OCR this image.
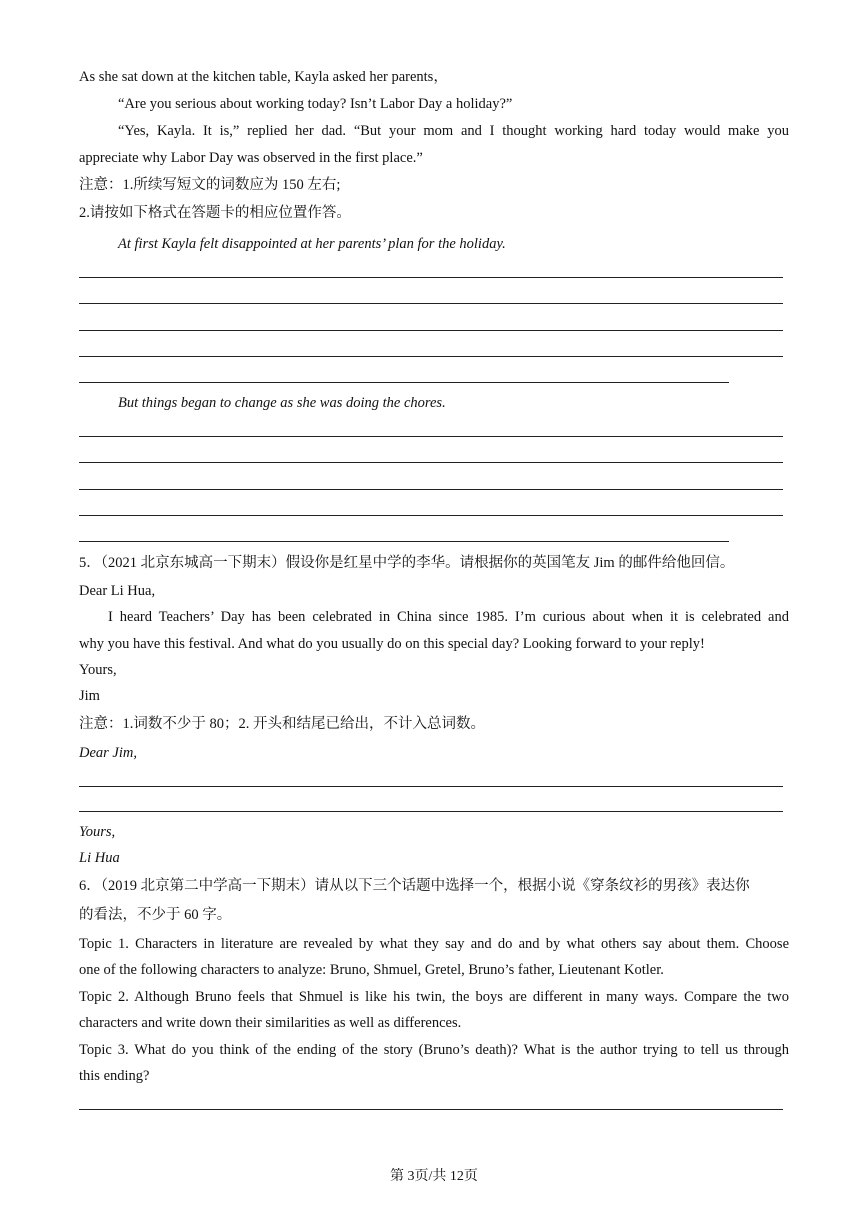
As she sat down at the kitchen table, Kayla asked her parents，
“Are you serious about working today? Isn’t Labor Day a holiday?”
“Yes, Kayla. It is,” replied her dad. “But your mom and I thought working hard today would make you
appreciate why Labor Day was observed in the first place.”
注意：1.所续写短文的词数应为 150 左右;
2.请按如下格式在答题卡的相应位置作答。
At first Kayla felt disappointed at her parents’ plan for the holiday.
But things began to change as she was doing the chores.
5．（2021 北京东城高一下期末）假设你是红星中学的李华。请根据你的英国笔友 Jim 的邮件给他回信。
Dear Li Hua,
I heard Teachers’ Day has been celebrated in China since 1985. I’m curious about when it is celebrated and
why you have this festival. And what do you usually do on this special day? Looking forward to your reply!
Yours,
Jim
注意：1.词数不少于 80；2. 开头和结尾已给出，不计入总词数。
Dear Jim,
Yours,
Li Hua
6．（2019 北京第二中学高一下期末）请从以下三个话题中选择一个，根据小说《穿条纹衫的男孩》表达你
的看法，不少于 60 字。
Topic 1. Characters in literature are revealed by what they say and do and by what others say about them. Choose
one of the following characters to analyze: Bruno, Shmuel, Gretel, Bruno’s father, Lieutenant Kotler.
Topic 2. Although Bruno feels that Shmuel is like his twin, the boys are different in many ways. Compare the two
characters and write down their similarities as well as differences.
Topic 3. What do you think of the ending of the story (Bruno’s death)? What is the author trying to tell us through
this ending?
第 3页/共 12页
